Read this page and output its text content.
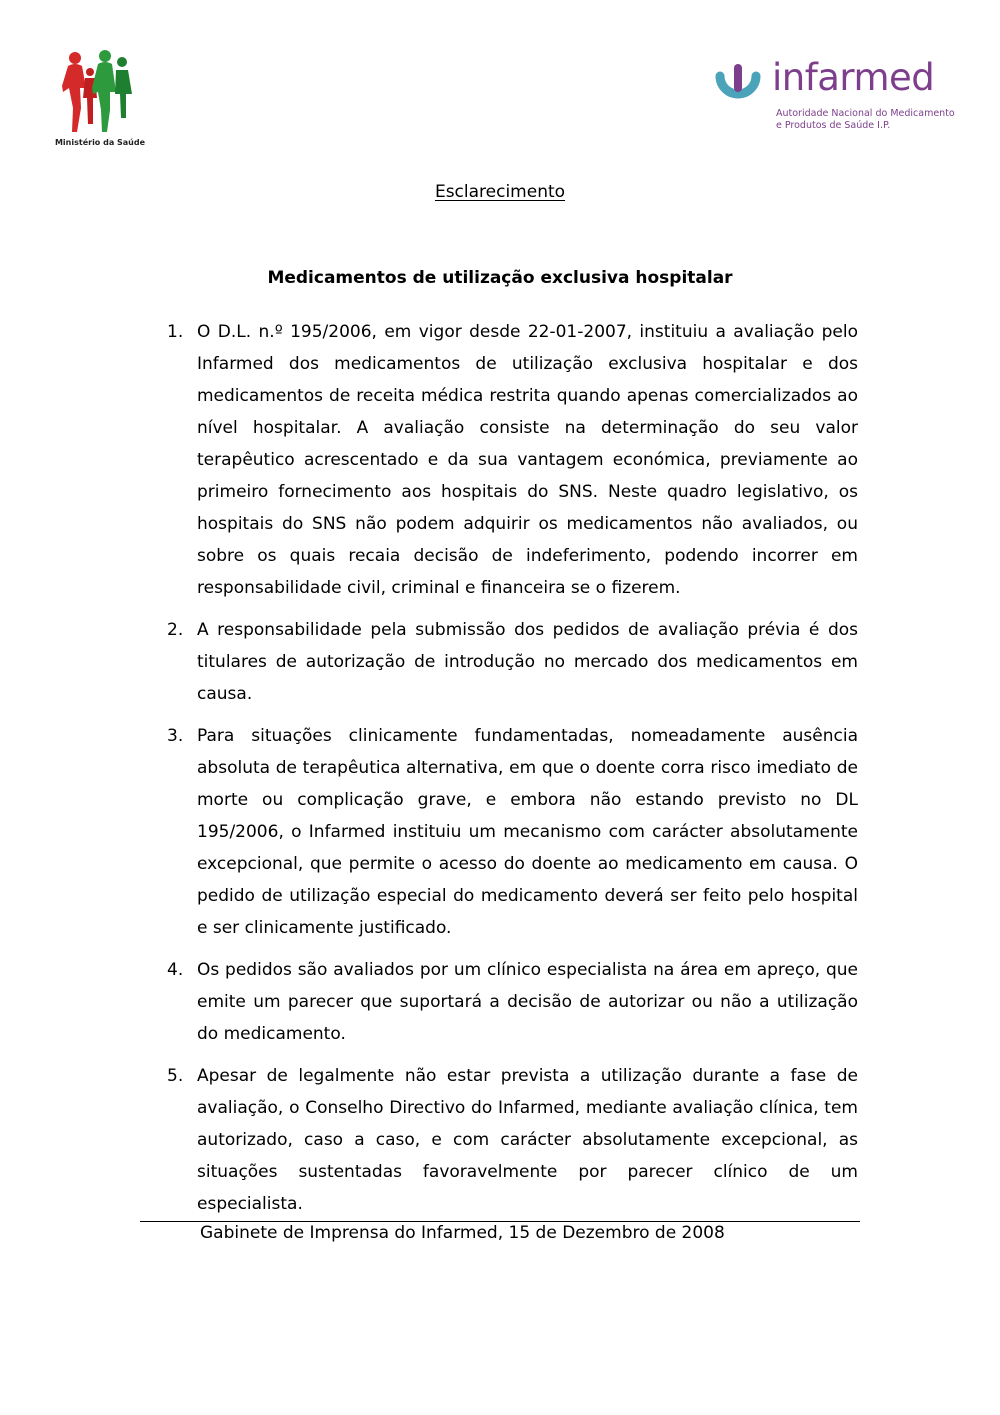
Ministério da Saúde
infarmed
Autoridade Nacional do Medicamento
e Produtos de Saúde I.P.
Esclarecimento
Medicamentos de utilização exclusiva hospitalar
1. O D.L. n.º 195/2006, em vigor desde 22-01-2007, instituiu a avaliação pelo Infarmed dos medicamentos de utilização exclusiva hospitalar e dos medicamentos de receita médica restrita quando apenas comercializados ao nível hospitalar. A avaliação consiste na determinação do seu valor terapêutico acrescentado e da sua vantagem económica, previamente ao primeiro fornecimento aos hospitais do SNS. Neste quadro legislativo, os hospitais do SNS não podem adquirir os medicamentos não avaliados, ou sobre os quais recaia decisão de indeferimento, podendo incorrer em responsabilidade civil, criminal e financeira se o fizerem.
2. A responsabilidade pela submissão dos pedidos de avaliação prévia é dos titulares de autorização de introdução no mercado dos medicamentos em causa.
3. Para situações clinicamente fundamentadas, nomeadamente ausência absoluta de terapêutica alternativa, em que o doente corra risco imediato de morte ou complicação grave, e embora não estando previsto no DL 195/2006, o Infarmed instituiu um mecanismo com carácter absolutamente excepcional, que permite o acesso do doente ao medicamento em causa. O pedido de utilização especial do medicamento deverá ser feito pelo hospital e ser clinicamente justificado.
4. Os pedidos são avaliados por um clínico especialista na área em apreço, que emite um parecer que suportará a decisão de autorizar ou não a utilização do medicamento.
5. Apesar de legalmente não estar prevista a utilização durante a fase de avaliação, o Conselho Directivo do Infarmed, mediante avaliação clínica, tem autorizado, caso a caso, e com carácter absolutamente excepcional, as situações sustentadas favoravelmente por parecer clínico de um especialista.
Gabinete de Imprensa do Infarmed, 15 de Dezembro de 2008
